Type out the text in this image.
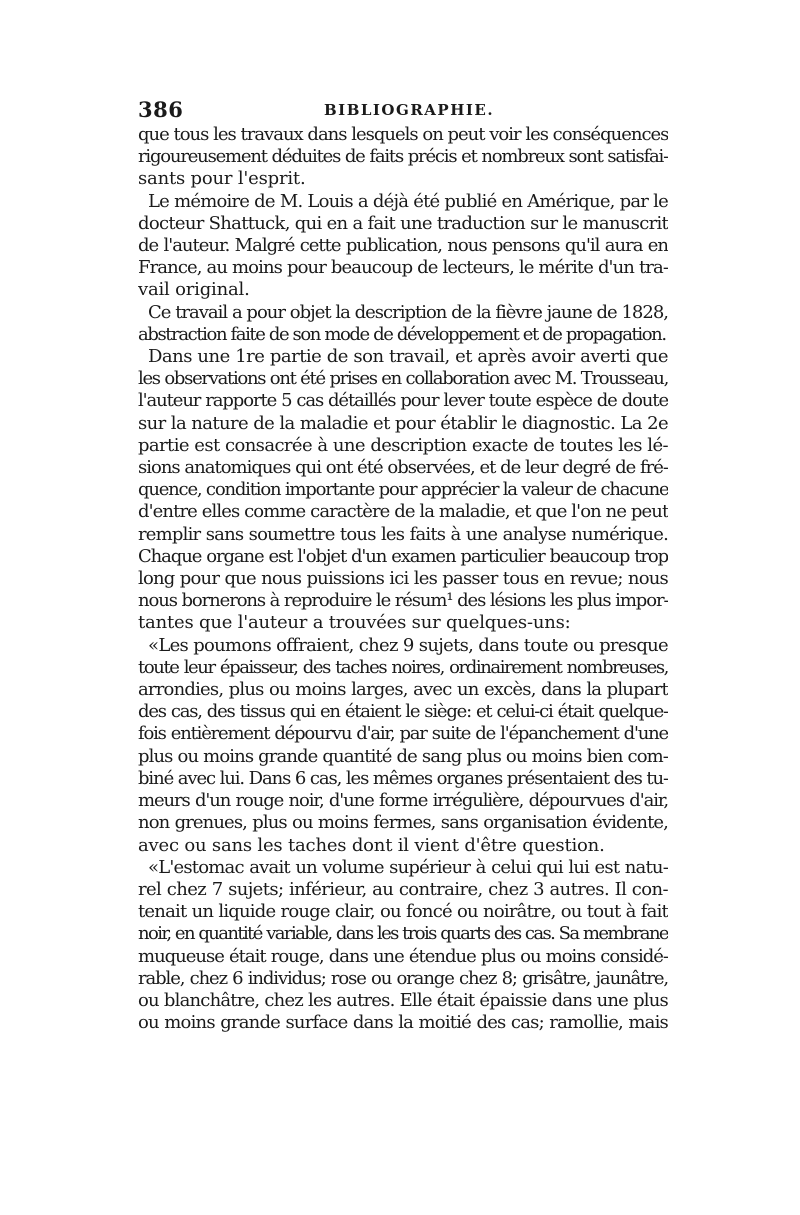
386	BIBLIOGRAPHIE.

que tous les travaux dans lesquels on peut voir les conséquences

rigoureusement déduites de faits précis et nombreux sont satisfai-

sants pour l'esprit.

Le mémoire de M. Louis a déjà été publié en Amérique, par le

docteur Shattuck, qui en a fait une traduction sur le manuscrit

de l'auteur. Malgré cette publication, nous pensons qu'il aura en

France, au moins pour beaucoup de lecteurs, le mérite d'un tra-

vail original.

Ce travail a pour objet la description de la fièvre jaune de 1828,

abstraction faite de son mode de développement et de propagation.

Dans une 1re partie de son travail, et après avoir averti que

les observations ont été prises en collaboration avec M. Trousseau,

l'auteur rapporte 5 cas détaillés pour lever toute espèce de doute

sur la nature de la maladie et pour établir le diagnostic. La 2e

partie est consacrée à une description exacte de toutes les lé-

sions anatomiques qui ont été observées, et de leur degré de fré-

quence, condition importante pour apprécier la valeur de chacune

d'entre elles comme caractère de la maladie, et que l'on ne peut

remplir sans soumettre tous les faits à une analyse numérique.

Chaque organe est l'objet d'un examen particulier beaucoup trop

long pour que nous puissions ici les passer tous en revue; nous

nous bornerons à reproduire le résum¹ des lésions les plus impor-

tantes que l'auteur a trouvées sur quelques-uns:

«Les poumons offraient, chez 9 sujets, dans toute ou presque

toute leur épaisseur, des taches noires, ordinairement nombreuses,

arrondies, plus ou moins larges, avec un excès, dans la plupart

des cas, des tissus qui en étaient le siège: et celui-ci était quelque-

fois entièrement dépourvu d'air, par suite de l'épanchement d'une

plus ou moins grande quantité de sang plus ou moins bien com-

biné avec lui. Dans 6 cas, les mêmes organes présentaient des tu-

meurs d'un rouge noir, d'une forme irrégulière, dépourvues d'air,

non grenues, plus ou moins fermes, sans organisation évidente,

avec ou sans les taches dont il vient d'être question.

«L'estomac avait un volume supérieur à celui qui lui est natu-

rel chez 7 sujets; inférieur, au contraire, chez 3 autres. Il con-

tenait un liquide rouge clair, ou foncé ou noirâtre, ou tout à fait

noir, en quantité variable, dans les trois quarts des cas. Sa membrane

muqueuse était rouge, dans une étendue plus ou moins considé-

rable, chez 6 individus; rose ou orange chez 8; grisâtre, jaunâtre,

ou blanchâtre, chez les autres. Elle était épaissie dans une plus

ou moins grande surface dans la moitié des cas; ramollie, mais
